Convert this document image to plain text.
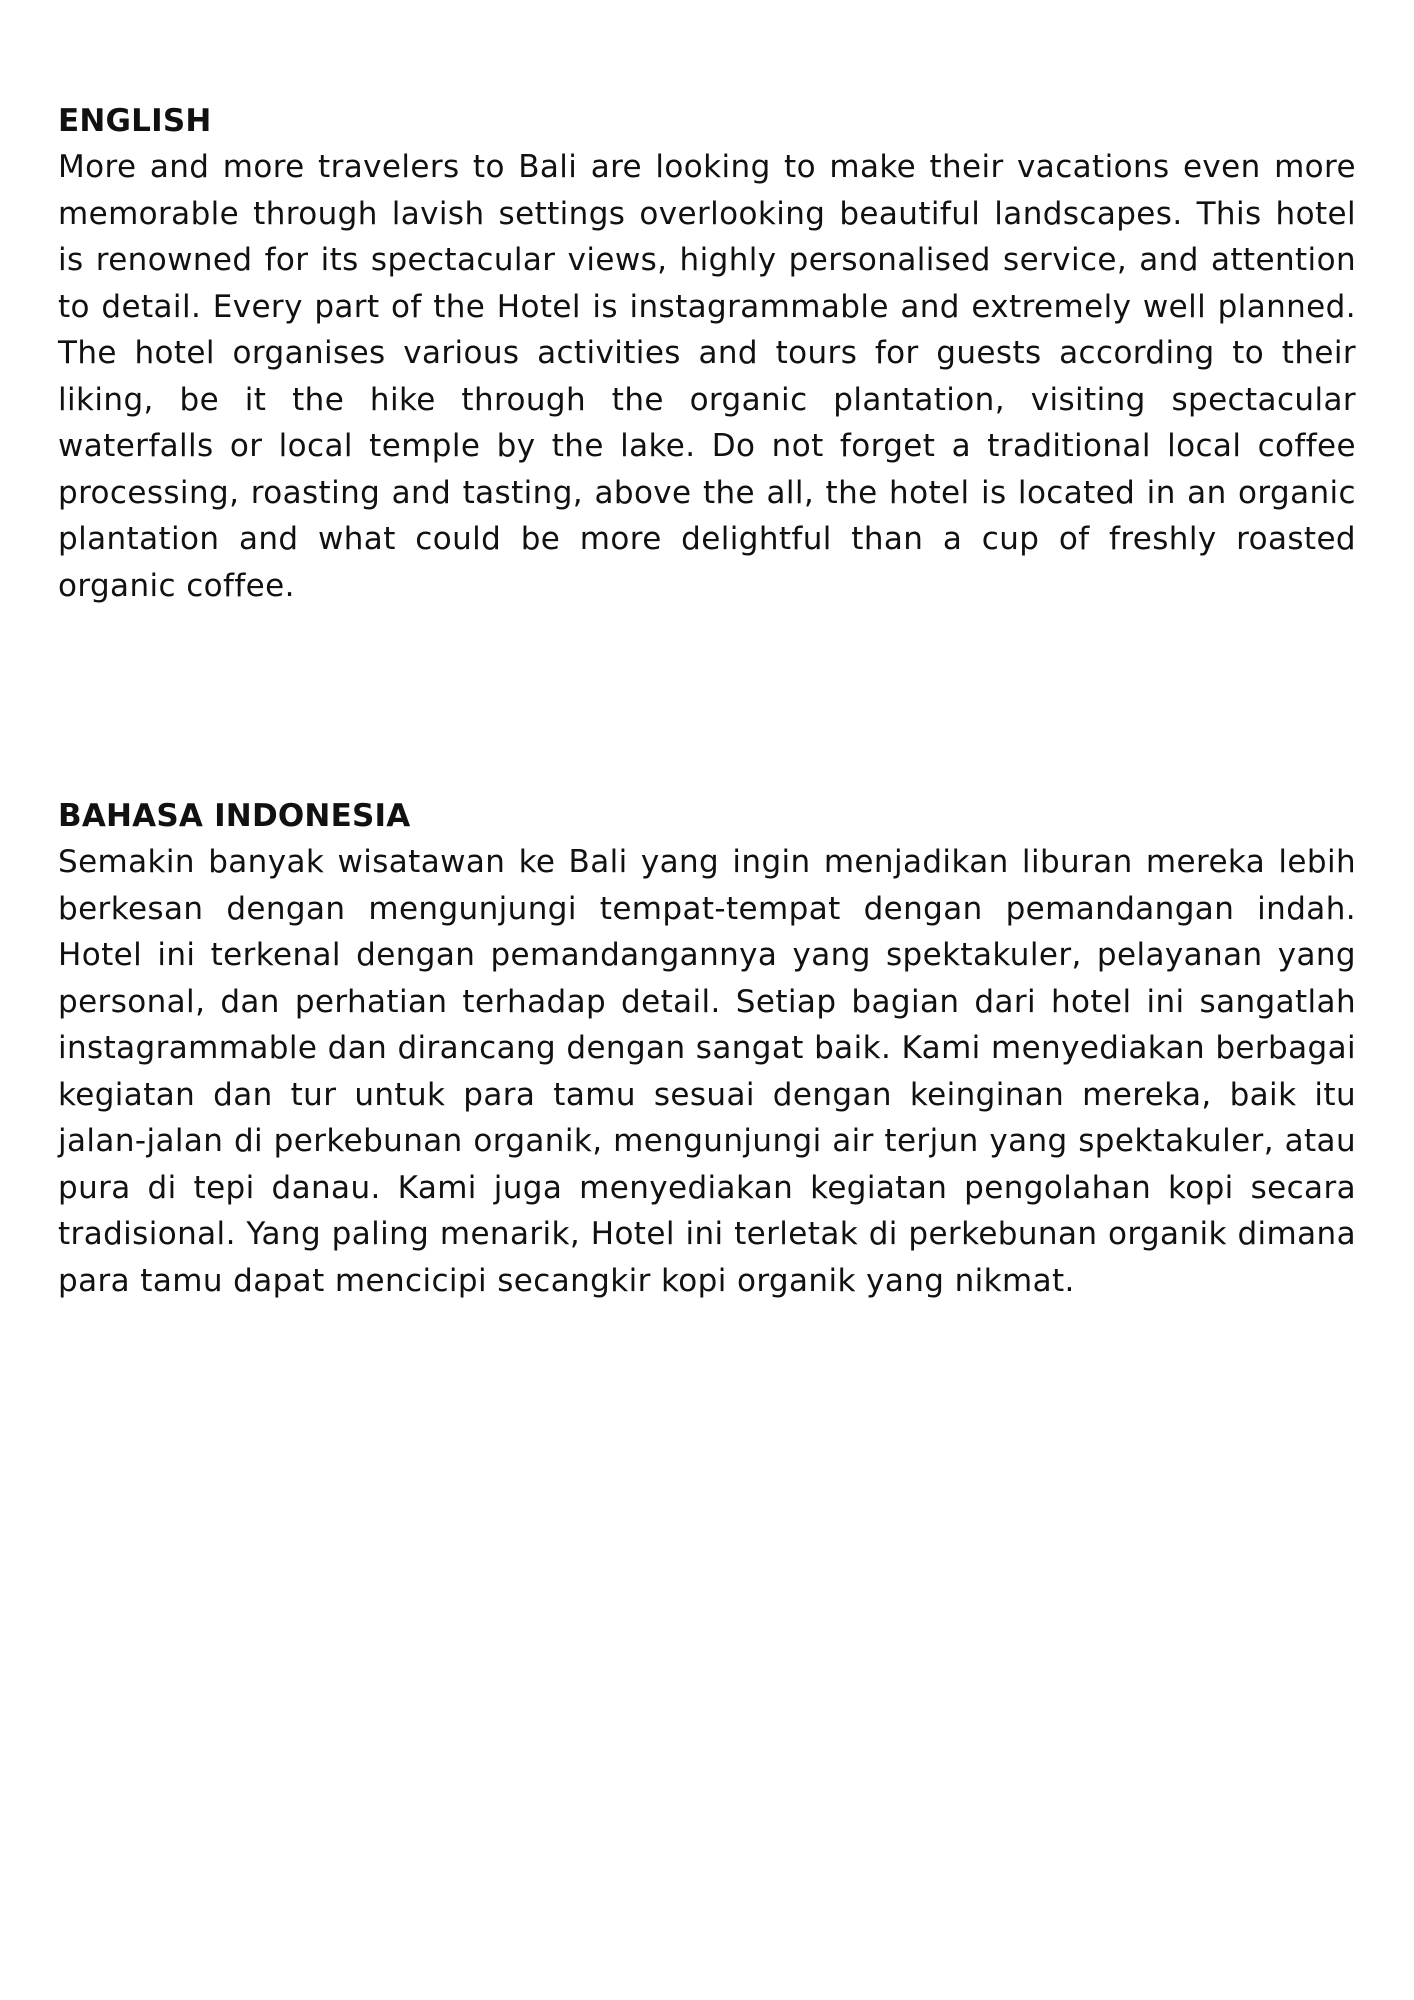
ENGLISH

More and more travelers to Bali are looking to make their vacations even more memorable through lavish settings overlooking beautiful landscapes. This hotel is renowned for its spectacular views, highly personalised service, and attention to detail. Every part of the Hotel is instagrammable and extremely well planned. The hotel organises various activities and tours for guests according to their liking, be it the hike through the organic plantation, visiting spectacular waterfalls or local temple by the lake. Do not forget a traditional local coffee processing, roasting and tasting, above the all, the hotel is located in an organic plantation and what could be more delightful than a cup of freshly roasted organic coffee.

BAHASA INDONESIA

Semakin banyak wisatawan ke Bali yang ingin menjadikan liburan mereka lebih berkesan dengan mengunjungi tempat-tempat dengan pemandangan indah. Hotel ini terkenal dengan pemandangannya yang spektakuler, pelayanan yang personal, dan perhatian terhadap detail. Setiap bagian dari hotel ini sangatlah instagrammable dan dirancang dengan sangat baik. Kami menyediakan berbagai kegiatan dan tur untuk para tamu sesuai dengan keinginan mereka, baik itu jalan-jalan di perkebunan organik, mengunjungi air terjun yang spektakuler, atau pura di tepi danau. Kami juga menyediakan kegiatan pengolahan kopi secara tradisional. Yang paling menarik, Hotel ini terletak di perkebunan organik dimana para tamu dapat mencicipi secangkir kopi organik yang nikmat.
